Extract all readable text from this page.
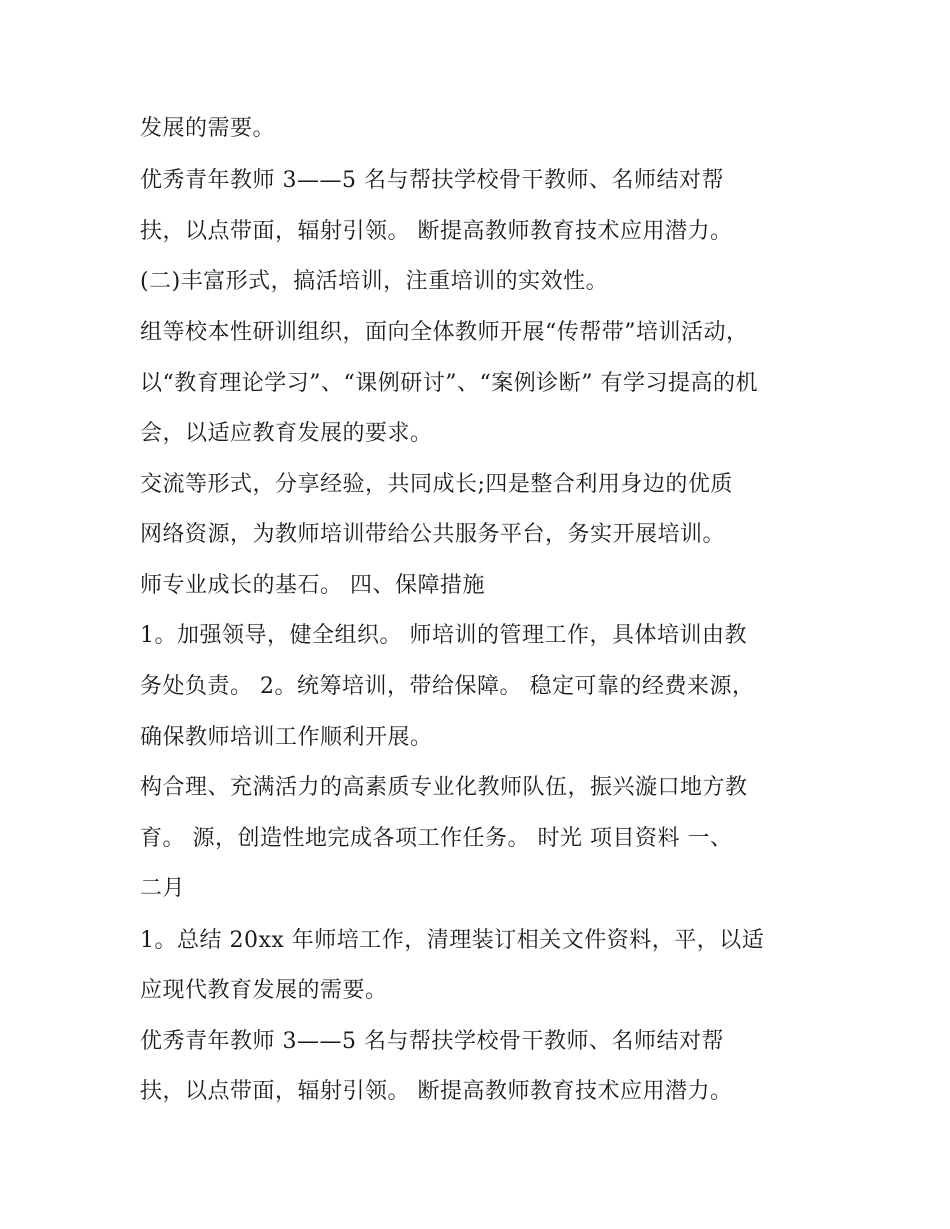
发展的需要。
优秀青年教师 3——5 名与帮扶学校骨干教师、名师结对帮
扶，以点带面，辐射引领。 断提高教师教育技术应用潜力。
(二)丰富形式，搞活培训，注重培训的实效性。
组等校本性研训组织，面向全体教师开展“传帮带”培训活动，
以“教育理论学习”、“课例研讨”、“案例诊断” 有学习提高的机
会，以适应教育发展的要求。
交流等形式，分享经验，共同成长;四是整合利用身边的优质
网络资源，为教师培训带给公共服务平台，务实开展培训。
师专业成长的基石。 四、保障措施
1。加强领导，健全组织。 师培训的管理工作，具体培训由教
务处负责。 2。统筹培训，带给保障。 稳定可靠的经费来源，
确保教师培训工作顺利开展。
构合理、充满活力的高素质专业化教师队伍，振兴漩口地方教
育。 源，创造性地完成各项工作任务。 时光 项目资料 一、
二月
1。总结 20xx 年师培工作，清理装订相关文件资料，平，以适
应现代教育发展的需要。
优秀青年教师 3——5 名与帮扶学校骨干教师、名师结对帮
扶，以点带面，辐射引领。 断提高教师教育技术应用潜力。
